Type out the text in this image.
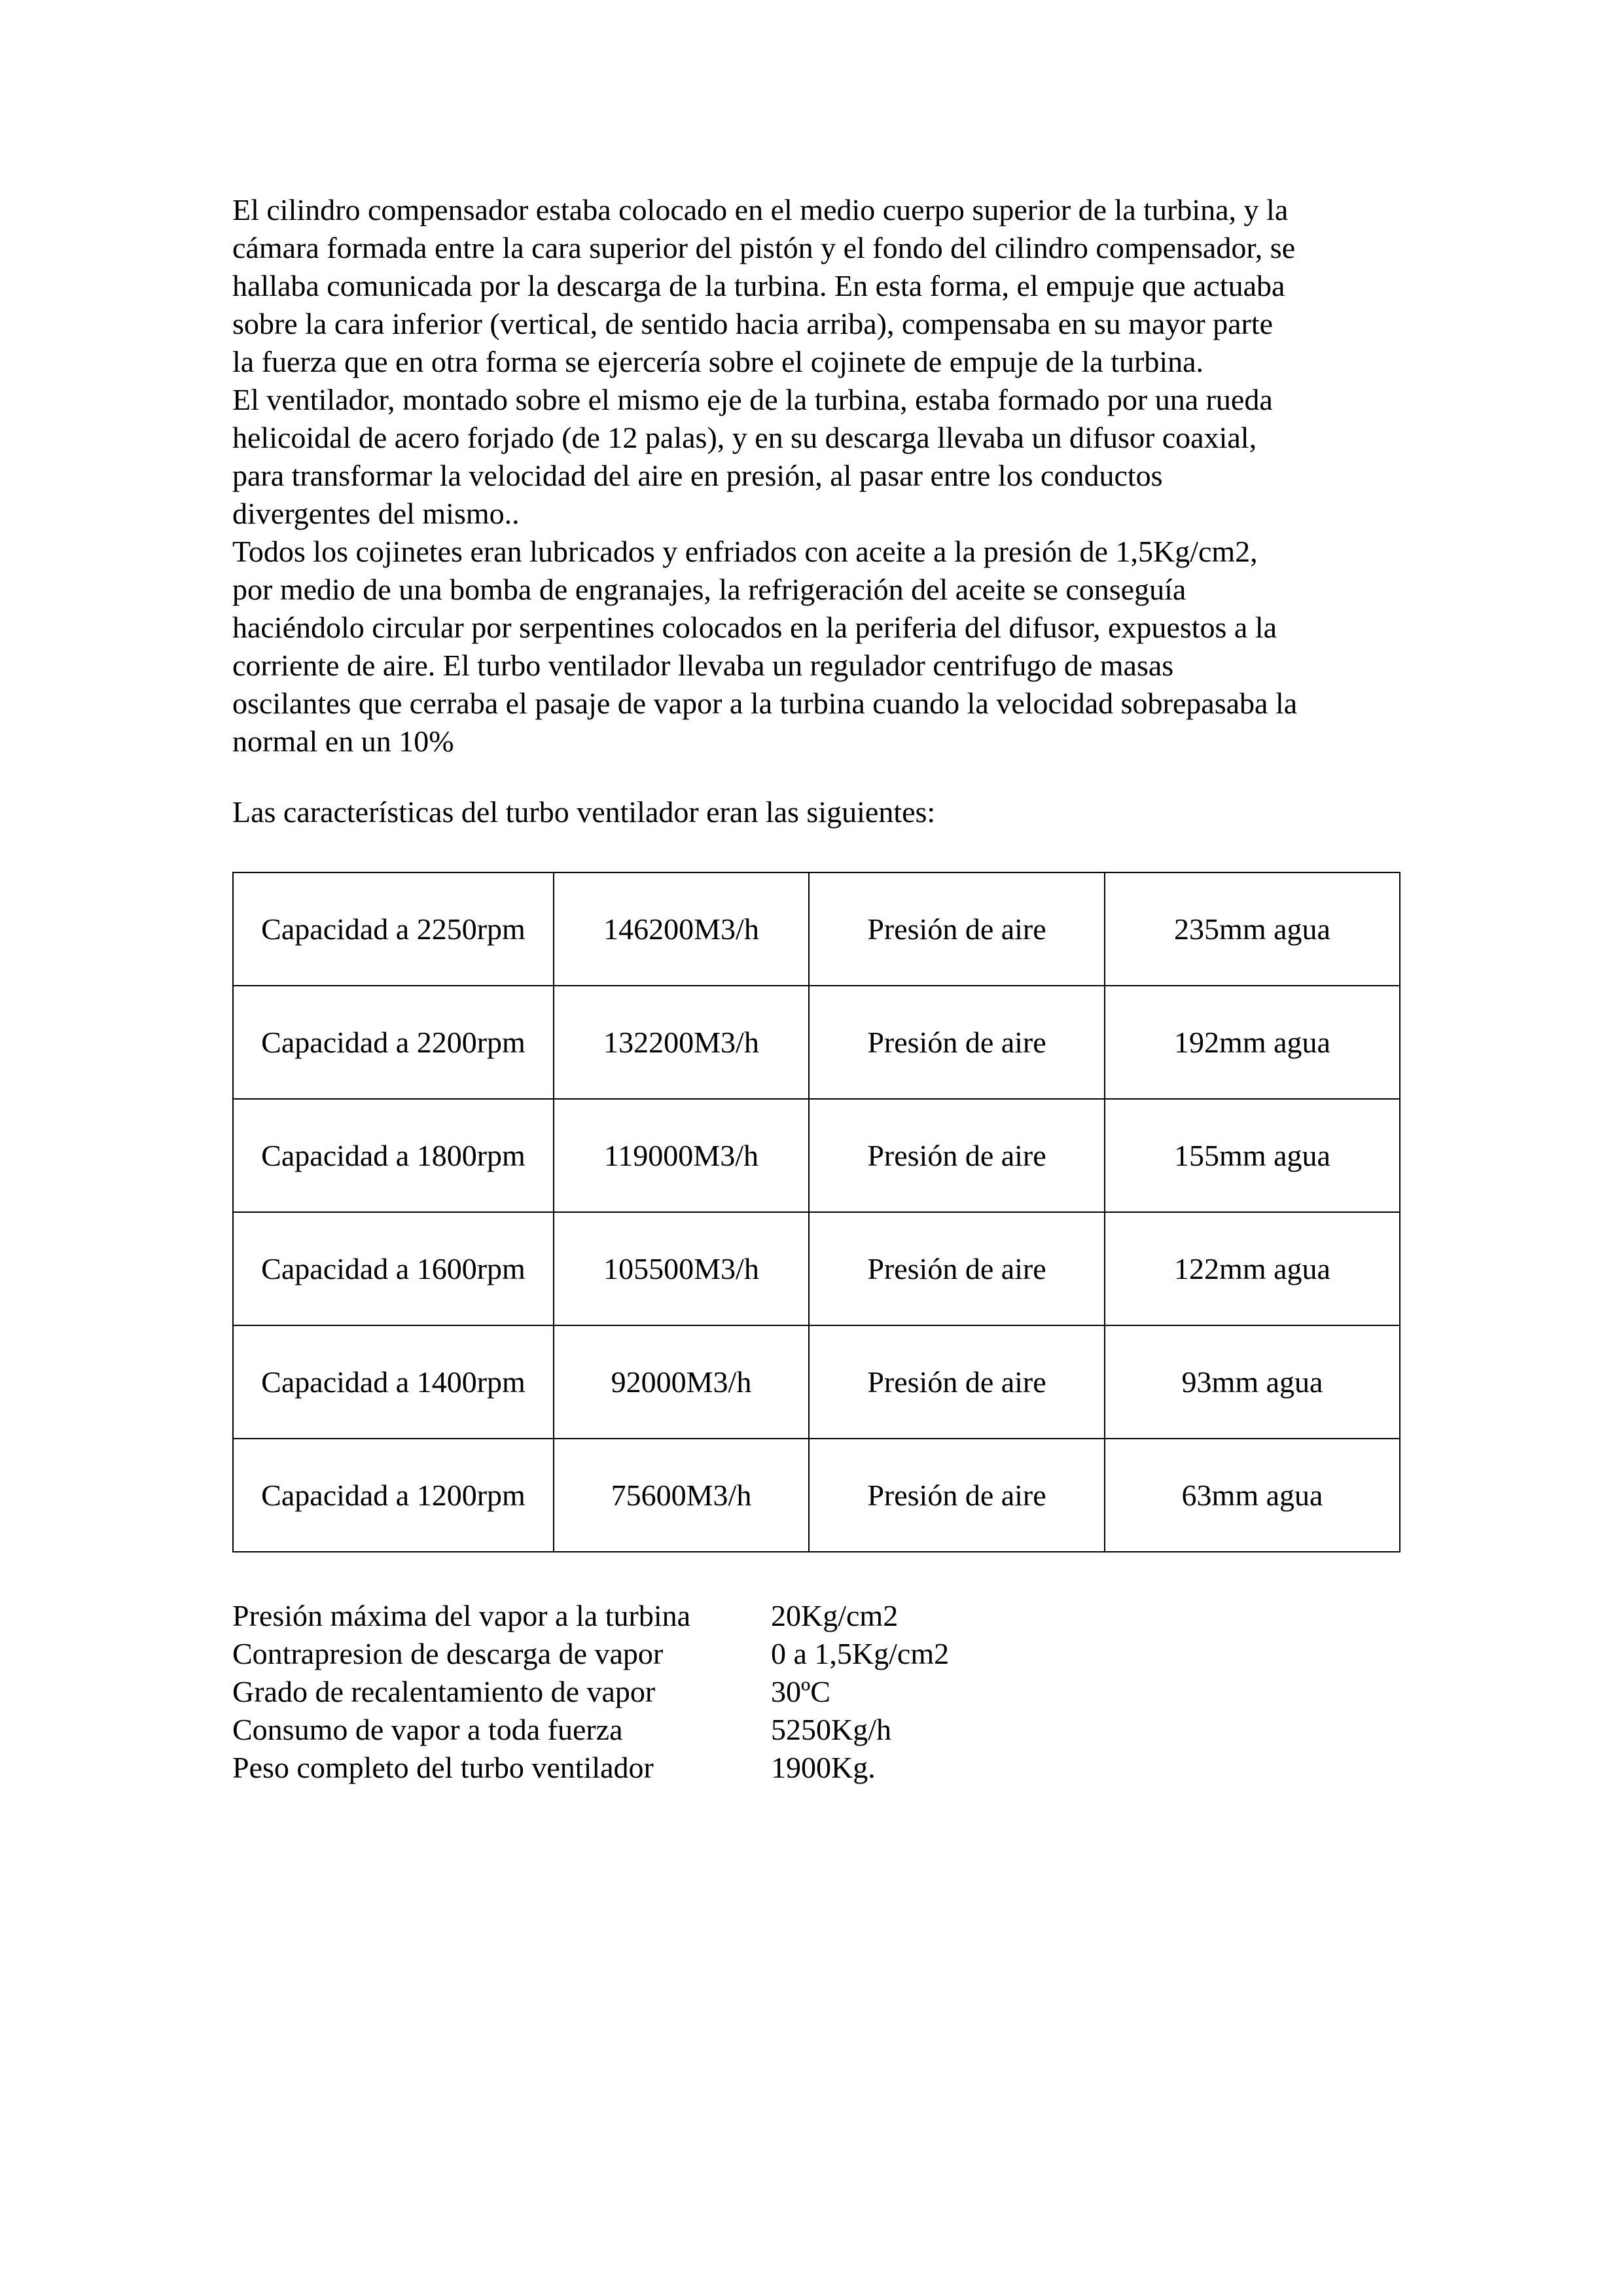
El cilindro compensador estaba colocado en el medio cuerpo superior de la turbina, y la
cámara formada entre la cara superior del pistón y el fondo del cilindro compensador, se
hallaba comunicada por la descarga de la turbina. En esta forma, el empuje que actuaba
sobre la cara inferior (vertical, de sentido hacia arriba), compensaba en su mayor parte
la fuerza que en otra forma se ejercería sobre el cojinete de empuje de la turbina.
El ventilador, montado sobre el mismo eje de la turbina, estaba formado por una rueda
helicoidal de acero forjado (de 12 palas), y en su descarga llevaba un difusor coaxial,
para transformar la velocidad del aire en presión, al pasar entre los conductos
divergentes del mismo..
Todos los cojinetes eran lubricados y enfriados con aceite a la presión de 1,5Kg/cm2,
por medio de una bomba de engranajes, la refrigeración del aceite se conseguía
haciéndolo circular por serpentines colocados en la periferia del difusor, expuestos a la
corriente de aire. El turbo ventilador llevaba un regulador centrifugo de masas
oscilantes que cerraba el pasaje de vapor a la turbina cuando la velocidad sobrepasaba la
normal en un 10%
Las características del turbo ventilador eran las siguientes:
Capacidad a 2250rpm	146200M3/h	Presión de aire	235mm agua
Capacidad a 2200rpm	132200M3/h	Presión de aire	192mm agua
Capacidad a 1800rpm	119000M3/h	Presión de aire	155mm agua
Capacidad a 1600rpm	105500M3/h	Presión de aire	122mm agua
Capacidad a 1400rpm	92000M3/h	Presión de aire	93mm agua
Capacidad a 1200rpm	75600M3/h	Presión de aire	63mm agua
Presión máxima del vapor a la turbina	20Kg/cm2
Contrapresion de descarga de vapor	0 a 1,5Kg/cm2
Grado de recalentamiento de vapor	30ºC
Consumo de vapor a toda fuerza	5250Kg/h
Peso completo del turbo ventilador	1900Kg.
